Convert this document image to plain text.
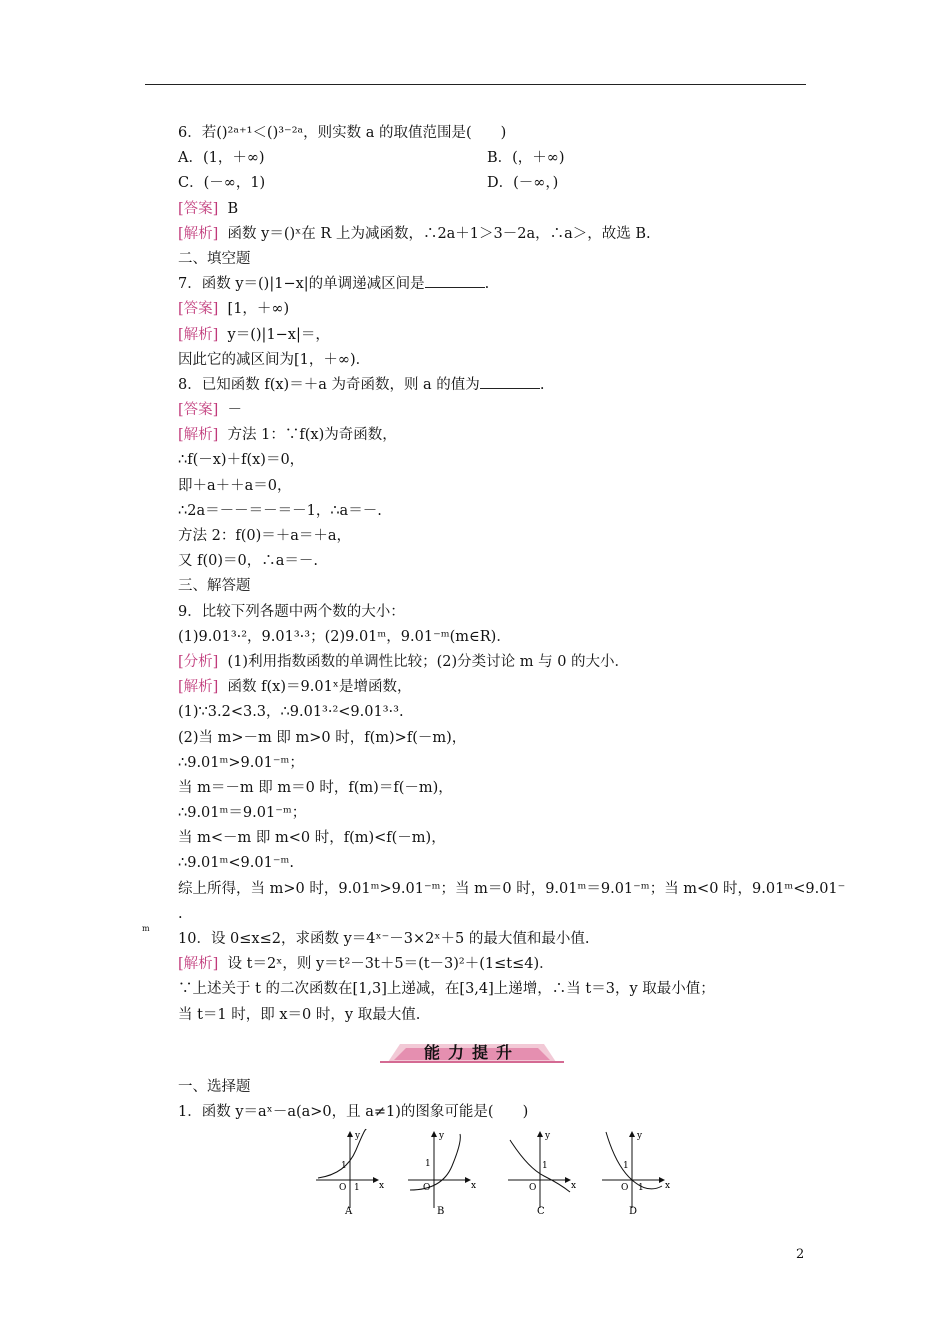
6．若()²ᵃ⁺¹＜()³⁻²ᵃ，则实数 a 的取值范围是(　　)
A．(1，＋∞)	B．(，＋∞)
C．(－∞，1)	D．(－∞，)
[答案] B
[解析] 函数 y＝()ˣ在 R 上为减函数，∴2a＋1＞3－2a，∴a＞，故选 B.
二、填空题
7．函数 y＝()|1−x|的单调递减区间是	.
[答案] [1，＋∞)
[解析] y＝()|1−x|＝，
因此它的减区间为[1，＋∞)．
8．已知函数 f(x)＝＋a 为奇函数，则 a 的值为	.
[答案] －
[解析] 方法 1：∵f(x)为奇函数，
∴f(－x)＋f(x)＝0，
即＋a＋＋a＝0，
∴2a＝－－＝－＝－1，∴a＝－.
方法 2：f(0)＝＋a＝＋a，
又 f(0)＝0，∴a＝－.
三、解答题
9．比较下列各题中两个数的大小：
(1)9.01³·²，9.01³·³；(2)9.01ᵐ，9.01⁻ᵐ(m∈R)．
[分析] (1)利用指数函数的单调性比较；(2)分类讨论 m 与 0 的大小．
[解析] 函数 f(x)＝9.01ˣ是增函数，
(1)∵3.2<3.3，∴9.01³·²<9.01³·³.
(2)当 m>－m 即 m>0 时，f(m)>f(－m)，
∴9.01ᵐ>9.01⁻ᵐ；
当 m＝－m 即 m＝0 时，f(m)＝f(－m)，
∴9.01ᵐ＝9.01⁻ᵐ；
当 m<－m 即 m<0 时，f(m)<f(－m)，
∴9.01ᵐ<9.01⁻ᵐ.
综上所得，当 m>0 时，9.01ᵐ>9.01⁻ᵐ；当 m＝0 时，9.01ᵐ＝9.01⁻ᵐ；当 m<0 时，9.01ᵐ<9.01⁻
m
.
10．设 0≤x≤2，求函数 y＝4ˣ⁻－3×2ˣ＋5 的最大值和最小值.
[解析] 设 t＝2ˣ，则 y＝t²－3t＋5＝(t－3)²＋(1≤t≤4)．
∵上述关于 t 的二次函数在[1,3]上递减，在[3,4]上递增，∴当 t＝3，y 取最小值；
当 t＝1 时，即 x＝0 时，y 取最大值.
能力提升
一、选择题
1．函数 y＝aˣ－a(a>0，且 a≠1)的图象可能是(　　)
y
x
O
1
1
A
y
x
O
1
B
y
x
O
1
C
y
x
O
1
1
D
2
